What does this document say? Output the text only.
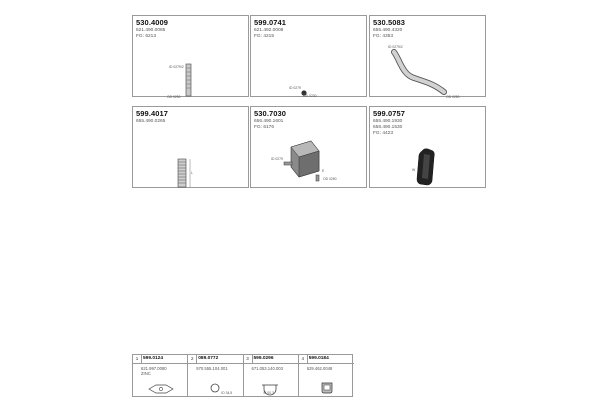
530.4009
621.490.0085
FG: 6213
ID 0279/2
OD 0250
599.0741
621.492.0008
FG: 4215
ID 0279
OD 0230
530.5083
655.490.4320
FG: 4353
ID 0279/2
OD 0250
599.4017
655.490.0265
L
530.7030
656.490.1601
FG: 6176
ID 0279
E
OD 0250
599.0757
655.490.1930
658.490.1530
FG: 4423
W
1 599.0124
621.997.0080
ZINC
2 089.0772
970.555.104.001
ID 34,5
3 599.0296
671.053.140.003
M 00,3
4 599.0184
629.462.0048
